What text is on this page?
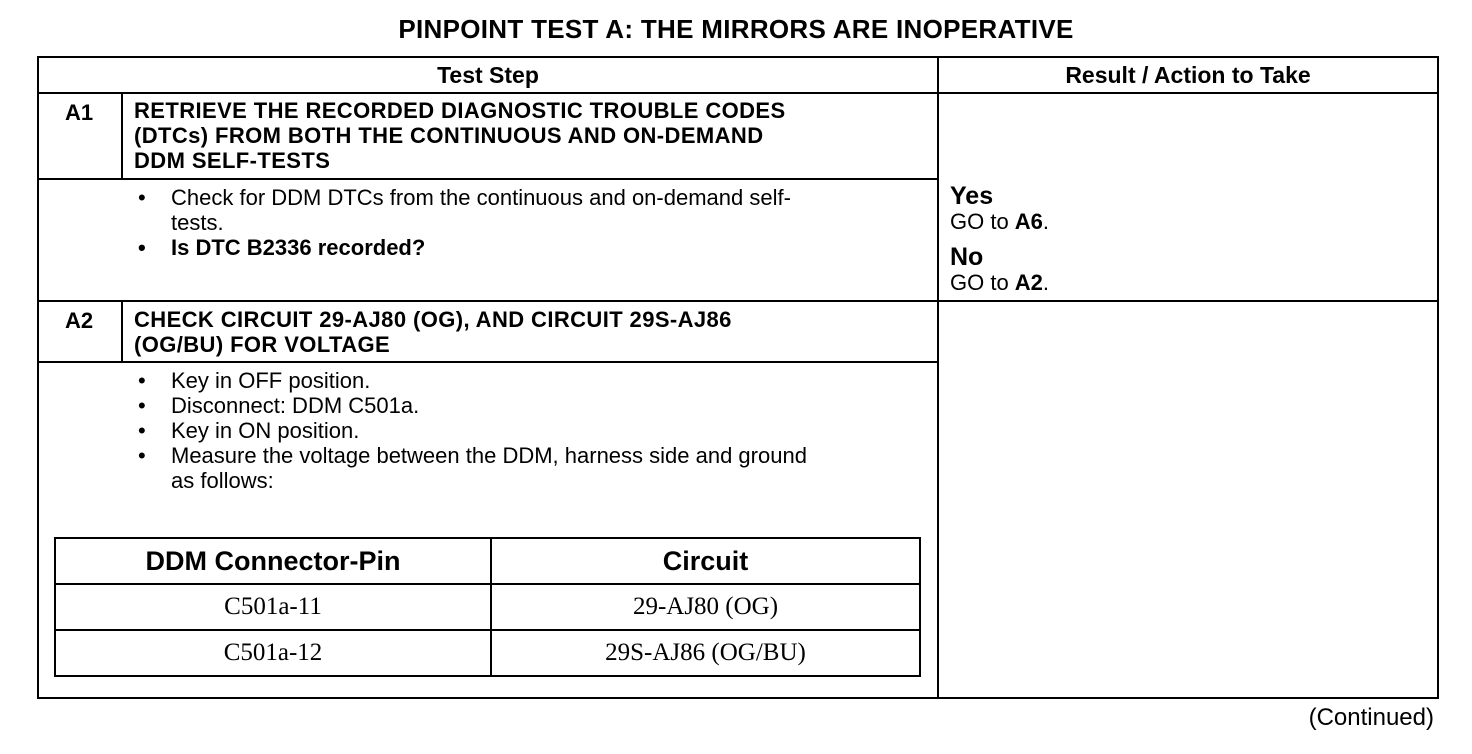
PINPOINT TEST A: THE MIRRORS ARE INOPERATIVE
Test Step	Result / Action to Take
A1	RETRIEVE THE RECORDED DIAGNOSTIC TROUBLE CODES
(DTCs) FROM BOTH THE CONTINUOUS AND ON-DEMAND
DDM SELF-TESTS
• Check for DDM DTCs from the continuous and on-demand self-tests.
• Is DTC B2336 recorded?
Yes
GO to A6.
No
GO to A2.
A2	CHECK CIRCUIT 29-AJ80 (OG), AND CIRCUIT 29S-AJ86
(OG/BU) FOR VOLTAGE
• Key in OFF position.
• Disconnect: DDM C501a.
• Key in ON position.
• Measure the voltage between the DDM, harness side and ground as follows:
DDM Connector-Pin	Circuit
C501a-11	29-AJ80 (OG)
C501a-12	29S-AJ86 (OG/BU)
(Continued)
